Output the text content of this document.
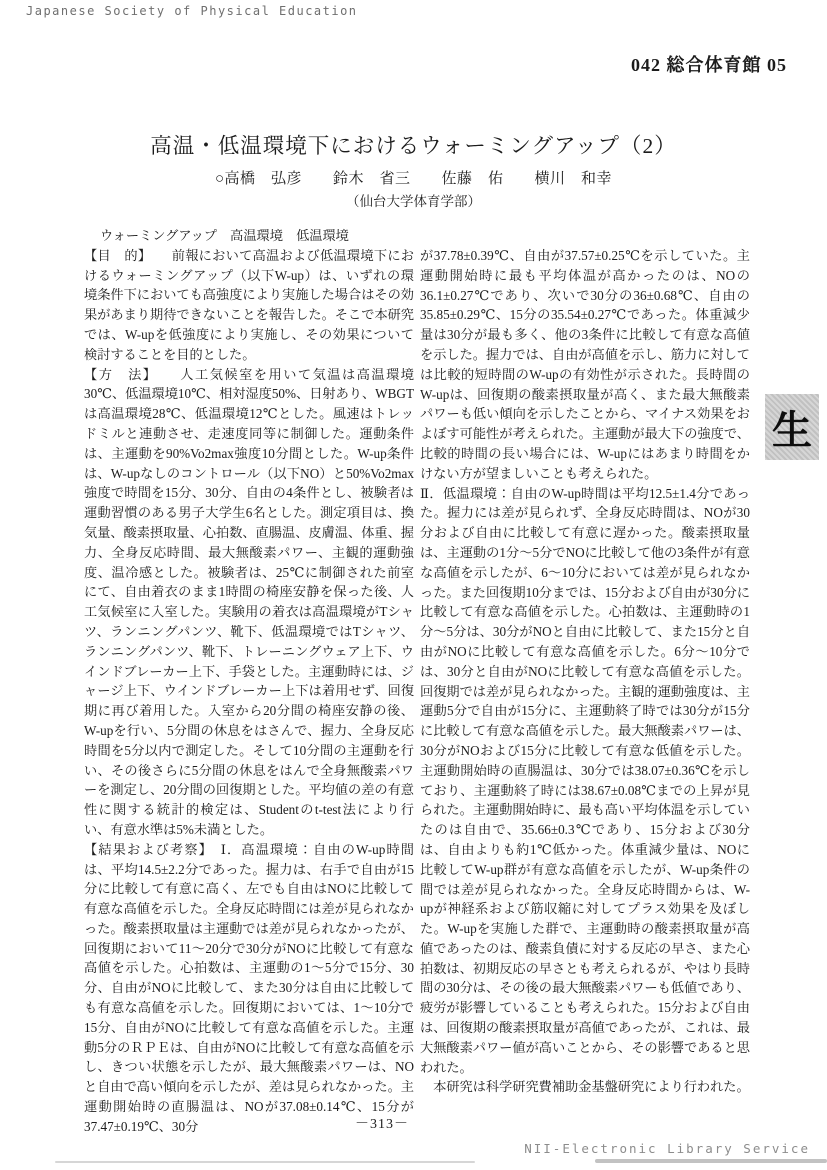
Japanese Society of Physical Education
042 総合体育館 05
高温・低温環境下におけるウォーミングアップ（2）
○高橋　弘彦　　鈴木　省三　　佐藤　佑　　横川　和幸
（仙台大学体育学部）

ウォーミングアップ　高温環境　低温環境

【目　的】　　前報において高温および低温環境下におけるウォーミングアップ（以下W-up）は、いずれの環境条件下においても高強度により実施した場合はその効果があまり期待できないことを報告した。そこで本研究では、W-upを低強度により実施し、その効果について検討することを目的とした。

【方　法】　　人工気候室を用いて気温は高温環境30℃、低温環境10℃、相対湿度50%、日射あり、WBGTは高温環境28℃、低温環境12℃とした。風速はトレッドミルと連動させ、走速度同等に制御した。運動条件は、主運動を90%Vo2max強度10分間とした。W-up条件は、W-upなしのコントロール（以下NO）と50%Vo2max強度で時間を15分、30分、自由の4条件とし、被験者は運動習慣のある男子大学生6名とした。測定項目は、換気量、酸素摂取量、心拍数、直腸温、皮膚温、体重、握力、全身反応時間、最大無酸素パワー、主観的運動強度、温冷感とした。被験者は、25℃に制御された前室にて、自由着衣のまま1時間の椅座安静を保った後、人工気候室に入室した。実験用の着衣は高温環境がTシャツ、ランニングパンツ、靴下、低温環境ではTシャツ、ランニングパンツ、靴下、トレーニングウェア上下、ウインドブレーカー上下、手袋とした。主運動時には、ジャージ上下、ウインドブレーカー上下は着用せず、回復期に再び着用した。入室から20分間の椅座安静の後、W-upを行い、5分間の休息をはさんで、握力、全身反応時間を5分以内で測定した。そして10分間の主運動を行い、その後さらに5分間の休息をはんで全身無酸素パワーを測定し、20分間の回復期とした。平均値の差の有意性に関する統計的検定は、Studentのt-test法により行い、有意水準は5%未満とした。

【結果および考察】　Ⅰ．高温環境：自由のW-up時間は、平均14.5±2.2分であった。握力は、右手で自由が15分に比較して有意に高く、左でも自由はNOに比較して有意な高値を示した。全身反応時間には差が見られなかった。酸素摂取量は主運動では差が見られなかったが、回復期において11～20分で30分がNOに比較して有意な高値を示した。心拍数は、主運動の1～5分で15分、30分、自由がNOに比較して、また30分は自由に比較しても有意な高値を示した。回復期においては、1～10分で15分、自由がNOに比較して有意な高値を示した。主運動5分のＲＰＥは、自由がNOに比較して有意な高値を示し、きつい状態を示したが、最大無酸素パワーは、NOと自由で高い傾向を示したが、差は見られなかった。主運動開始時の直腸温は、NOが37.08±0.14℃、15分が37.47±0.19℃、30分

が37.78±0.39℃、自由が37.57±0.25℃を示していた。主運動開始時に最も平均体温が高かったのは、NOの36.1±0.27℃であり、次いで30分の36±0.68℃、自由の35.85±0.29℃、15分の35.54±0.27℃であった。体重減少量は30分が最も多く、他の3条件に比較して有意な高値を示した。握力では、自由が高値を示し、筋力に対しては比較的短時間のW-upの有効性が示された。長時間のW-upは、回復期の酸素摂取量が高く、また最大無酸素パワーも低い傾向を示したことから、マイナス効果をおよぼす可能性が考えられた。主運動が最大下の強度で、比較的時間の長い場合には、W-upにはあまり時間をかけない方が望ましいことも考えられた。

Ⅱ．低温環境：自由のW-up時間は平均12.5±1.4分であった。握力には差が見られず、全身反応時間は、NOが30分および自由に比較して有意に遅かった。酸素摂取量は、主運動の1分～5分でNOに比較して他の3条件が有意な高値を示したが、6～10分においては差が見られなかった。また回復期10分までは、15分および自由が30分に比較して有意な高値を示した。心拍数は、主運動時の1分～5分は、30分がNOと自由に比較して、また15分と自由がNOに比較して有意な高値を示した。6分～10分では、30分と自由がNOに比較して有意な高値を示した。回復期では差が見られなかった。主観的運動強度は、主運動5分で自由が15分に、主運動終了時では30分が15分に比較して有意な高値を示した。最大無酸素パワーは、30分がNOおよび15分に比較して有意な低値を示した。主運動開始時の直腸温は、30分では38.07±0.36℃を示しており、主運動終了時には38.67±0.08℃までの上昇が見られた。主運動開始時に、最も高い平均体温を示していたのは自由で、35.66±0.3℃であり、15分および30分は、自由よりも約1℃低かった。体重減少量は、NOに比較してW-up群が有意な高値を示したが、W-up条件の間では差が見られなかった。全身反応時間からは、W-upが神経系および筋収縮に対してプラス効果を及ぼした。W-upを実施した群で、主運動時の酸素摂取量が高値であったのは、酸素負債に対する反応の早さ、また心拍数は、初期反応の早さとも考えられるが、やはり長時間の30分は、その後の最大無酸素パワーも低値であり、疲労が影響していることも考えられた。15分および自由は、回復期の酸素摂取量が高値であったが、これは、最大無酸素パワー値が高いことから、その影響であると思われた。

　本研究は科学研究費補助金基盤研究により行われた。

生
－313－
NII-Electronic Library Service
